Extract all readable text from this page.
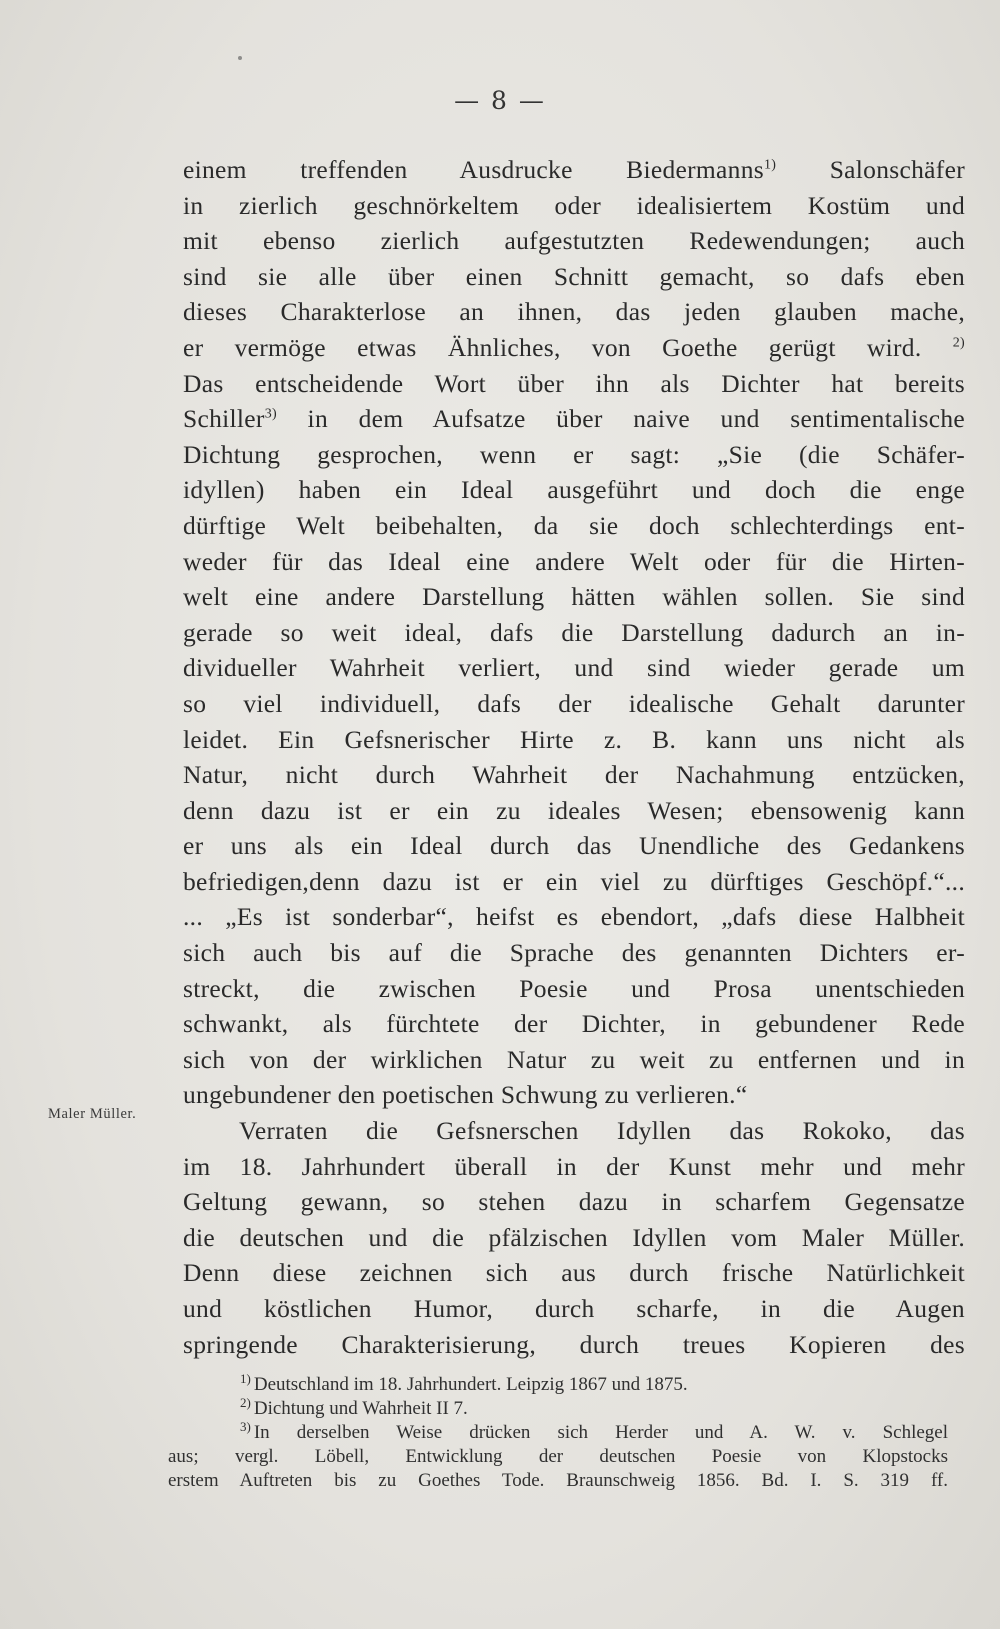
— 8 —
einem treffenden Ausdrucke Biedermanns$^{1)}$ Salonschäfer
in zierlich geschnörkeltem oder idealisiertem Kostüm und
mit ebenso zierlich aufgestutzten Redewendungen; auch
sind sie alle über einen Schnitt gemacht, so dafs eben
dieses Charakterlose an ihnen, das jeden glauben mache,
er vermöge etwas Ähnliches, von Goethe gerügt wird. $^{2)}$
Das entscheidende Wort über ihn als Dichter hat bereits
Schiller$^{3)}$ in dem Aufsatze über naive und sentimentalische
Dichtung gesprochen, wenn er sagt: „Sie (die Schäfer-
idyllen) haben ein Ideal ausgeführt und doch die enge
dürftige Welt beibehalten, da sie doch schlechterdings ent-
weder für das Ideal eine andere Welt oder für die Hirten-
welt eine andere Darstellung hätten wählen sollen. Sie sind
gerade so weit ideal, dafs die Darstellung dadurch an in-
dividueller Wahrheit verliert, und sind wieder gerade um
so viel individuell, dafs der idealische Gehalt darunter
leidet. Ein Gefsnerischer Hirte z. B. kann uns nicht als
Natur, nicht durch Wahrheit der Nachahmung entzücken,
denn dazu ist er ein zu ideales Wesen; ebensowenig kann
er uns als ein Ideal durch das Unendliche des Gedankens
befriedigen,denn dazu ist er ein viel zu dürftiges Geschöpf.“...
... „Es ist sonderbar“, heifst es ebendort, „dafs diese Halbheit
sich auch bis auf die Sprache des genannten Dichters er-
streckt, die zwischen Poesie und Prosa unentschieden
schwankt, als fürchtete der Dichter, in gebundener Rede
sich von der wirklichen Natur zu weit zu entfernen und in
ungebundener den poetischen Schwung zu verlieren.“
Verraten die Gefsnerschen Idyllen das Rokoko, das
im 18. Jahrhundert überall in der Kunst mehr und mehr
Geltung gewann, so stehen dazu in scharfem Gegensatze
die deutschen und die pfälzischen Idyllen vom Maler Müller.
Denn diese zeichnen sich aus durch frische Natürlichkeit
und köstlichen Humor, durch scharfe, in die Augen
springende Charakterisierung, durch treues Kopieren des
Maler Müller.
$^{1)}$ Deutschland im 18. Jahrhundert. Leipzig 1867 und 1875.
$^{2)}$ Dichtung und Wahrheit II 7.
$^{3)}$ In derselben Weise drücken sich Herder und A. W. v. Schlegel
aus; vergl. Löbell, Entwicklung der deutschen Poesie von Klopstocks
erstem Auftreten bis zu Goethes Tode. Braunschweig 1856. Bd. I. S. 319 ff.
